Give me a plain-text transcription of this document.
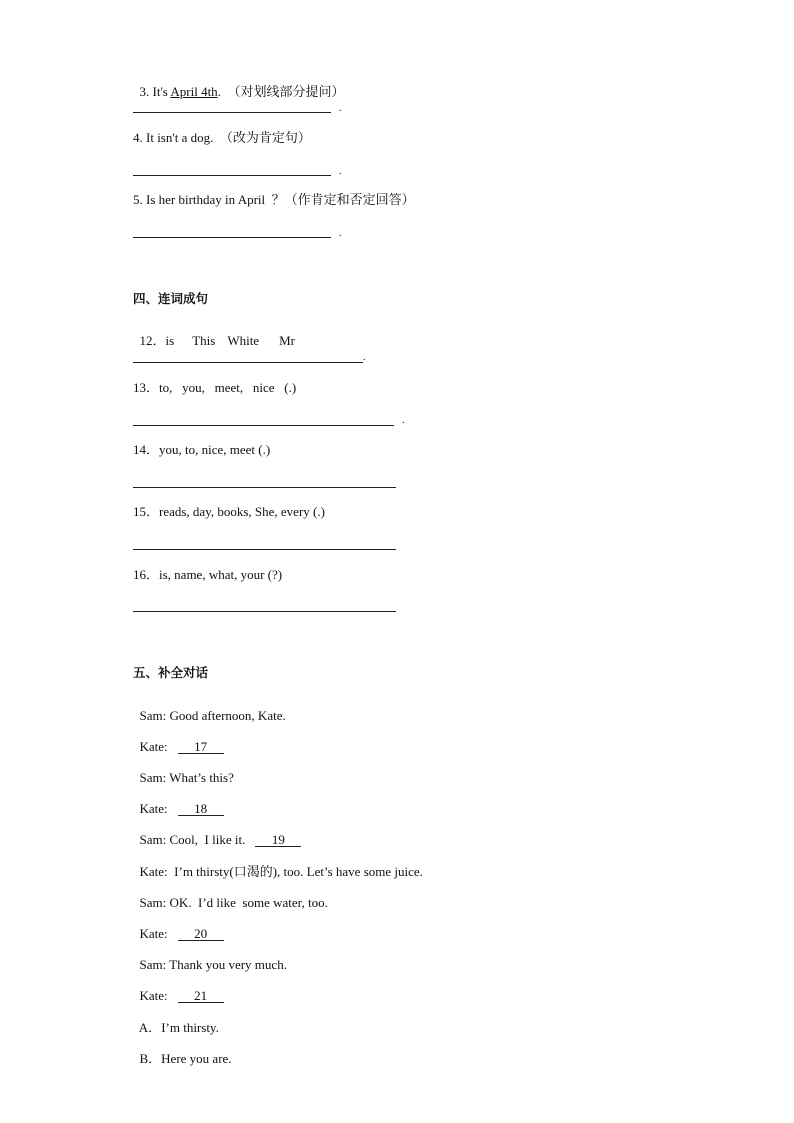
3. It's April 4th.  （对划线部分提问）

.
4. It isn't a dog.  （改为肯定句）
.
5. Is her birthday in April  ？（作肯定和否定回答）
.
四、连词成句

12．is This White Mr

.
13．to,   you,   meet,   nice   (.)
.
14．you, to, nice, meet (.)
15．reads, day, books, She, every (.)
16．is, name, what, your (?)
五、补全对话

Sam: Good afternoon, Kate.

Kate: 17

Sam: What’s this?

Kate: 18

Sam: Cool,  I like it. 19

Kate:  I’m thirsty(口渴的), too. Let’s have some juice.

Sam: OK.  I’d like  some water, too.

Kate: 20

Sam: Thank you very much.

Kate: 21

A．I’m thirsty.

B．Here you are.
